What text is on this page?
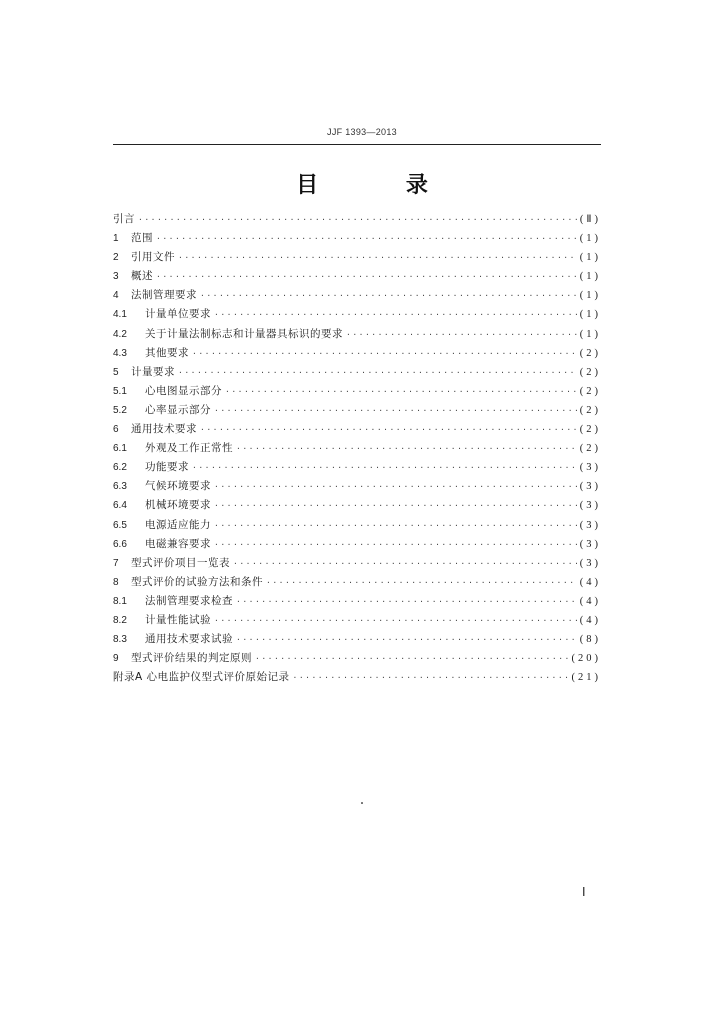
JJF 1393—2013
目 录
引言 ·····	(Ⅱ)
1	范围 ·····	(1)
2	引用文件 ·····	(1)
3	概述 ·····	(1)
4	法制管理要求 ·····	(1)
4.1	计量单位要求 ·····	(1)
4.2	关于计量法制标志和计量器具标识的要求 ·····	(1)
4.3	其他要求 ·····	(2)
5	计量要求 ·····	(2)
5.1	心电图显示部分 ·····	(2)
5.2	心率显示部分 ·····	(2)
6	通用技术要求 ·····	(2)
6.1	外观及工作正常性 ·····	(2)
6.2	功能要求 ·····	(3)
6.3	气候环境要求 ·····	(3)
6.4	机械环境要求 ·····	(3)
6.5	电源适应能力 ·····	(3)
6.6	电磁兼容要求 ·····	(3)
7	型式评价项目一览表 ·····	(3)
8	型式评价的试验方法和条件 ·····	(4)
8.1	法制管理要求检查 ·····	(4)
8.2	计量性能试验 ·····	(4)
8.3	通用技术要求试验 ·····	(8)
9	型式评价结果的判定原则 ·····	(20)
附录A 心电监护仪型式评价原始记录 ·····	(21)
Ⅰ
